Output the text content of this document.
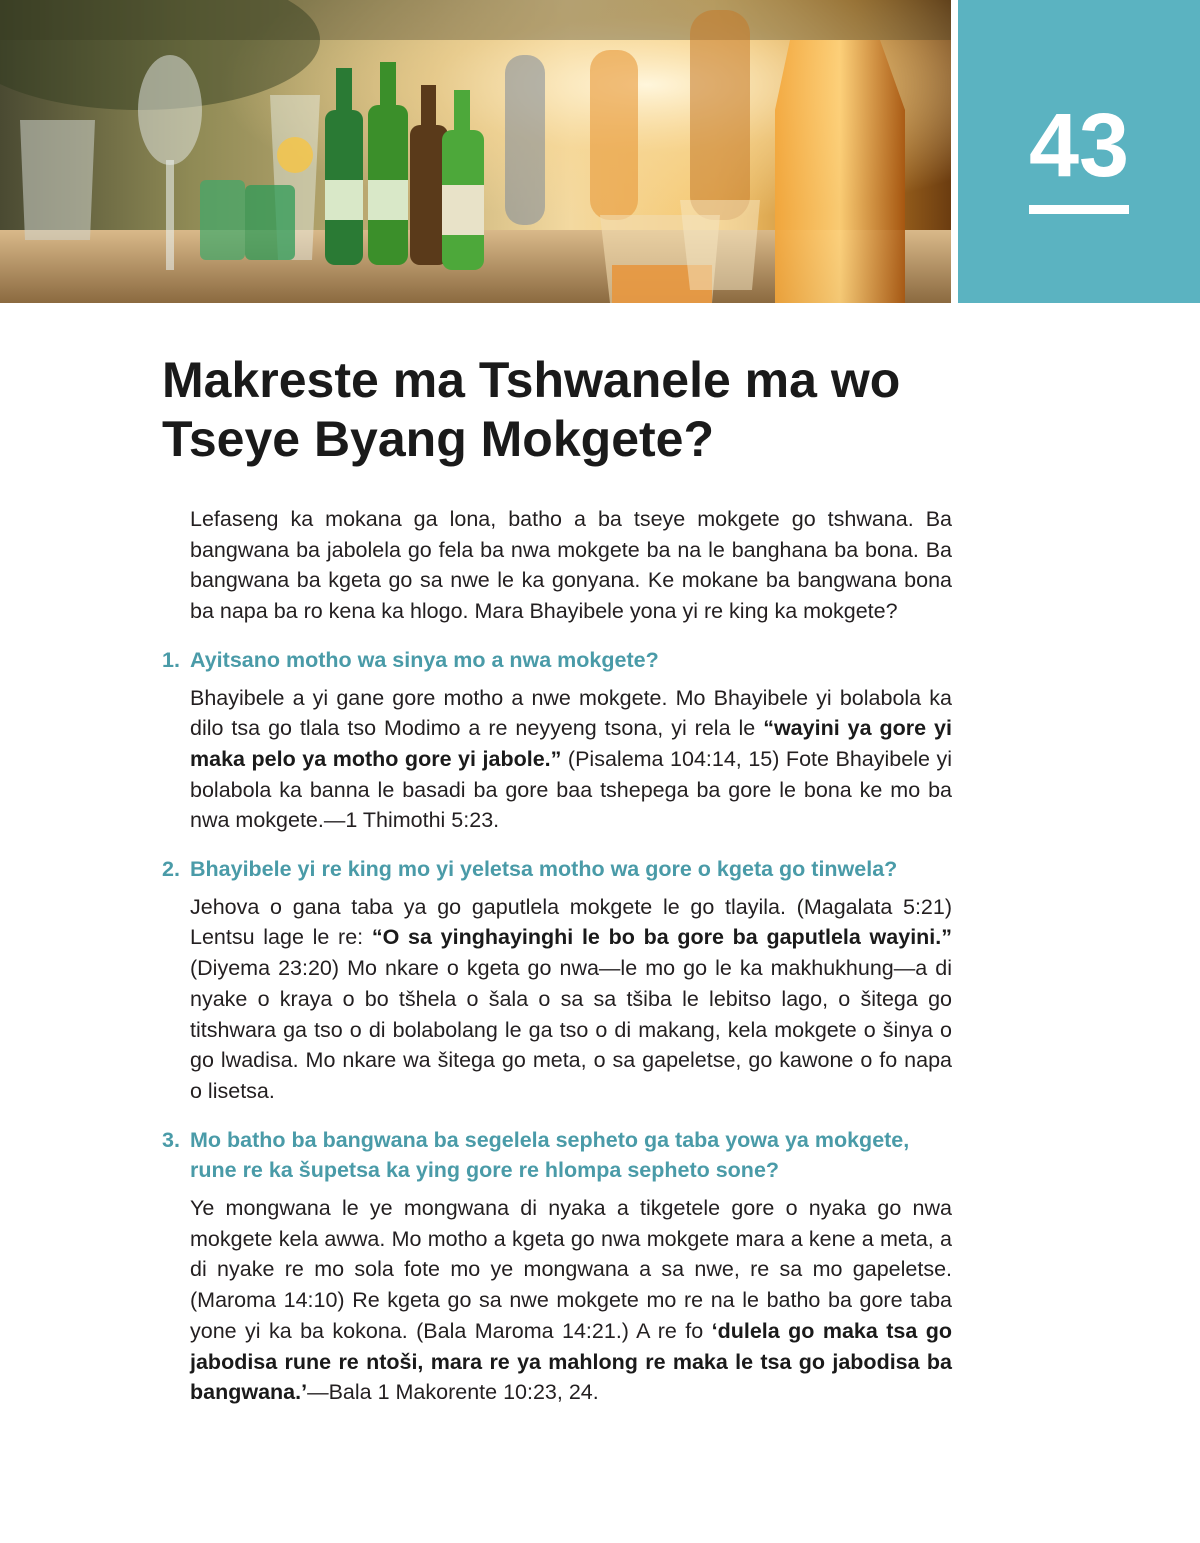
43
Makreste ma Tshwanele ma wo Tseye Byang Mokgete?

Lefaseng ka mokana ga lona, batho a ba tseye mokgete go tshwana. Ba bangwana ba jabolela go fela ba nwa mokgete ba na le banghana ba bona. Ba bangwana ba kgeta go sa nwe le ka gonyana. Ke mokane ba bangwana bona ba napa ba ro kena ka hlogo. Mara Bhayibele yona yi re king ka mokgete?

1. Ayitsano motho wa sinya mo a nwa mokgete?

Bhayibele a yi gane gore motho a nwe mokgete. Mo Bhayibele yi bolabola ka dilo tsa go tlala tso Modimo a re neyyeng tsona, yi rela le “wayini ya gore yi maka pelo ya motho gore yi jabole.” (Pisalema 104:14, 15) Fote Bhayibele yi bolabola ka banna le basadi ba gore baa tshepega ba gore le bona ke mo ba nwa mokgete.—1 Thimothi 5:23.

2. Bhayibele yi re king mo yi yeletsa motho wa gore o kgeta go tinwela?

Jehova o gana taba ya go gaputlela mokgete le go tlayila. (Magalata 5:21) Lentsu lage le re: “O sa yinghayinghi le bo ba gore ba gaputlela wayini.” (Diyema 23:20) Mo nkare o kgeta go nwa—le mo go le ka makhukhung—a di nyake o kraya o bo tšhela o šala o sa sa tšiba le lebitso lago, o šitega go titshwara ga tso o di bolabolang le ga tso o di makang, kela mokgete o šinya o go lwadisa. Mo nkare wa šitega go meta, o sa gapeletse, go kawone o fo napa o lisetsa.

3. Mo batho ba bangwana ba segelela sepheto ga taba yowa ya mokgete, rune re ka šupetsa ka ying gore re hlompa sepheto sone?

Ye mongwana le ye mongwana di nyaka a tikgetele gore o nyaka go nwa mokgete kela awwa. Mo motho a kgeta go nwa mokgete mara a kene a meta, a di nyake re mo sola fote mo ye mongwana a sa nwe, re sa mo gapeletse. (Maroma 14:10) Re kgeta go sa nwe mokgete mo re na le batho ba gore taba yone yi ka ba kokona. (Bala Maroma 14:21.) A re fo ‘dulela go maka tsa go jabodisa rune re ntoši, mara re ya mahlong re maka le tsa go jabodisa ba bangwana.’—Bala 1 Makorente 10:23, 24.
